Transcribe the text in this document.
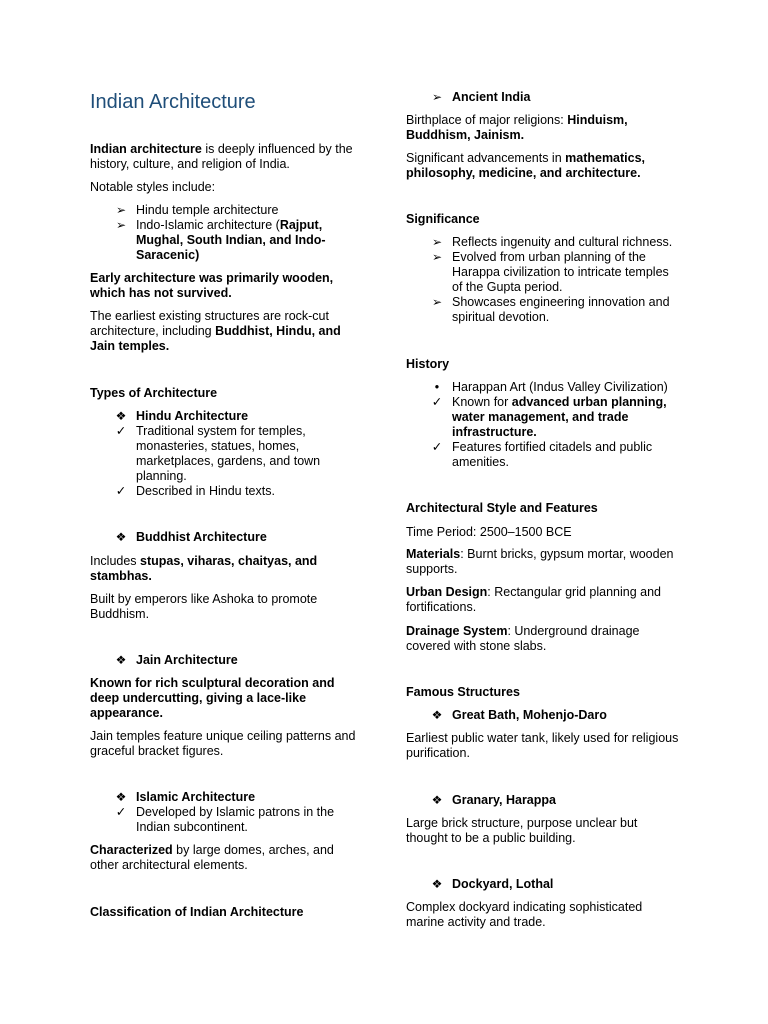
Indian Architecture

Indian architecture is deeply influenced by the history, culture, and religion of India.

Notable styles include:

➢ Hindu temple architecture
➢ Indo-Islamic architecture (Rajput, Mughal, South Indian, and Indo-Saracenic)

Early architecture was primarily wooden, which has not survived.

The earliest existing structures are rock-cut architecture, including Buddhist, Hindu, and Jain temples.

Types of Architecture

❖ Hindu Architecture
✓ Traditional system for temples, monasteries, statues, homes, marketplaces, gardens, and town planning.
✓ Described in Hindu texts.
❖ Buddhist Architecture

Includes stupas, viharas, chaityas, and stambhas.

Built by emperors like Ashoka to promote Buddhism.

❖ Jain Architecture

Known for rich sculptural decoration and deep undercutting, giving a lace-like appearance.

Jain temples feature unique ceiling patterns and graceful bracket figures.

❖ Islamic Architecture
✓ Developed by Islamic patrons in the Indian subcontinent.

Characterized by large domes, arches, and other architectural elements.

Classification of Indian Architecture

➢ Ancient India

Birthplace of major religions: Hinduism, Buddhism, Jainism.

Significant advancements in mathematics, philosophy, medicine, and architecture.

Significance

➢ Reflects ingenuity and cultural richness.
➢ Evolved from urban planning of the Harappa civilization to intricate temples of the Gupta period.
➢ Showcases engineering innovation and spiritual devotion.

History

•	Harappan Art (Indus Valley Civilization)
✓ Known for advanced urban planning, water management, and trade infrastructure.
✓ Features fortified citadels and public amenities.

Architectural Style and Features

Time Period: 2500–1500 BCE

Materials: Burnt bricks, gypsum mortar, wooden supports.

Urban Design: Rectangular grid planning and fortifications.

Drainage System: Underground drainage covered with stone slabs.

Famous Structures

❖ Great Bath, Mohenjo-Daro

Earliest public water tank, likely used for religious purification.

❖ Granary, Harappa

Large brick structure, purpose unclear but thought to be a public building.

❖ Dockyard, Lothal

Complex dockyard indicating sophisticated marine activity and trade.
